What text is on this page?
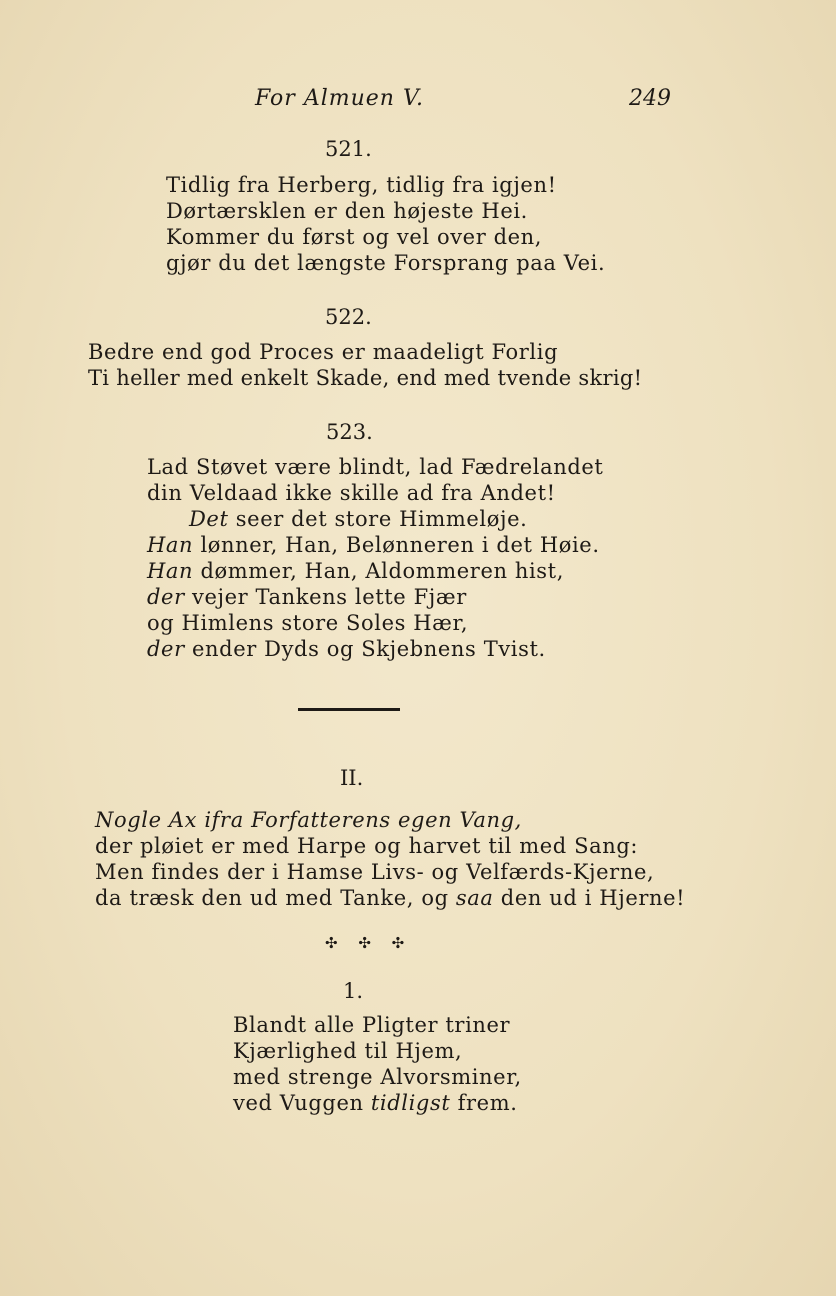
For Almuen V.	249
521.
Tidlig fra Herberg, tidlig fra igjen!
Dørtærsklen er den højeste Hei.
Kommer du først og vel over den,
gjør du det længste Forsprang paa Vei.
522.
Bedre end god Proces er maadeligt Forlig
Ti heller med enkelt Skade, end med tvende skrig!
523.
Lad Støvet være blindt, lad Fædrelandet
din Veldaad ikke skille ad fra Andet!
Det seer det store Himmeløje.
Han lønner, Han, Belønneren i det Høie.
Han dømmer, Han, Aldommeren hist,
der vejer Tankens lette Fjær
og Himlens store Soles Hær,
der ender Dyds og Skjebnens Tvist.
II.
Nogle Ax ifra Forfatterens egen Vang,
der pløiet er med Harpe og harvet til med Sang:
Men findes der i Hamse Livs- og Velfærds-Kjerne,
da træsk den ud med Tanke, og saa den ud i Hjerne!
✣ ✣ ✣
1.
Blandt alle Pligter triner
Kjærlighed til Hjem,
med strenge Alvorsminer,
ved Vuggen tidligst frem.
